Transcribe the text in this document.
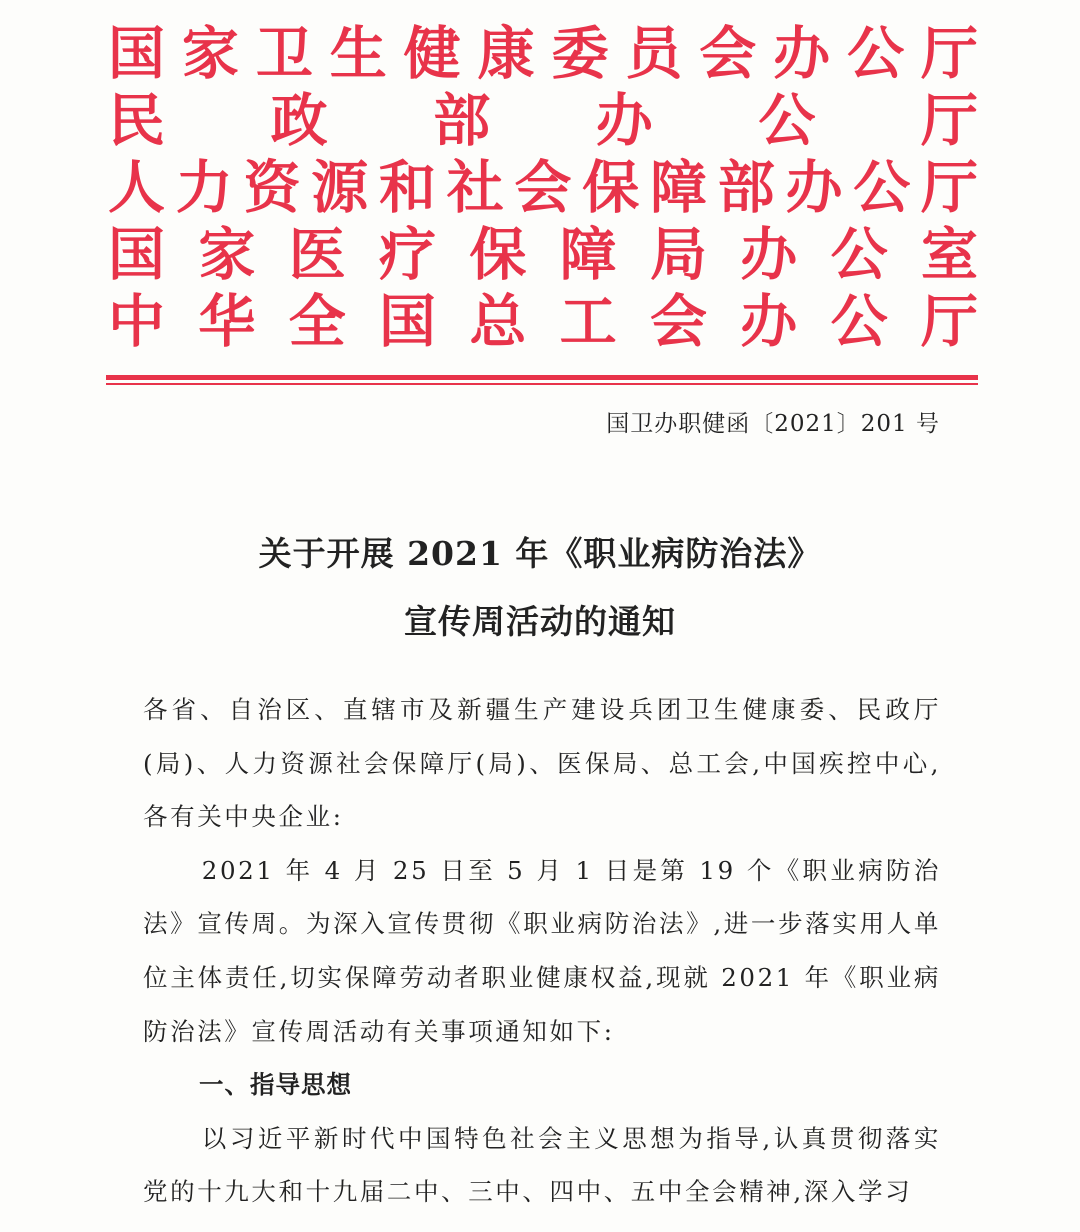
国 家 卫 生 健 康 委 员 会 办 公 厅
民 政 部 办 公 厅
人 力 资 源 和 社 会 保 障 部 办 公 厅
国 家 医 疗 保 障 局 办 公 室
中 华 全 国 总 工 会 办 公 厅
国卫办职健函〔2021〕201 号
关于开展 2021 年《职业病防治法》
宣传周活动的通知

各省、自治区、直辖市及新疆生产建设兵团卫生健康委、民政厅(局)、人力资源社会保障厅(局)、医保局、总工会,中国疾控中心,各有关中央企业:

2021 年 4 月 25 日至 5 月 1 日是第 19 个《职业病防治法》宣传周。为深入宣传贯彻《职业病防治法》,进一步落实用人单位主体责任,切实保障劳动者职业健康权益,现就 2021 年《职业病防治法》宣传周活动有关事项通知如下:

一、指导思想

以习近平新时代中国特色社会主义思想为指导,认真贯彻落实党的十九大和十九届二中、三中、四中、五中全会精神,深入学习
